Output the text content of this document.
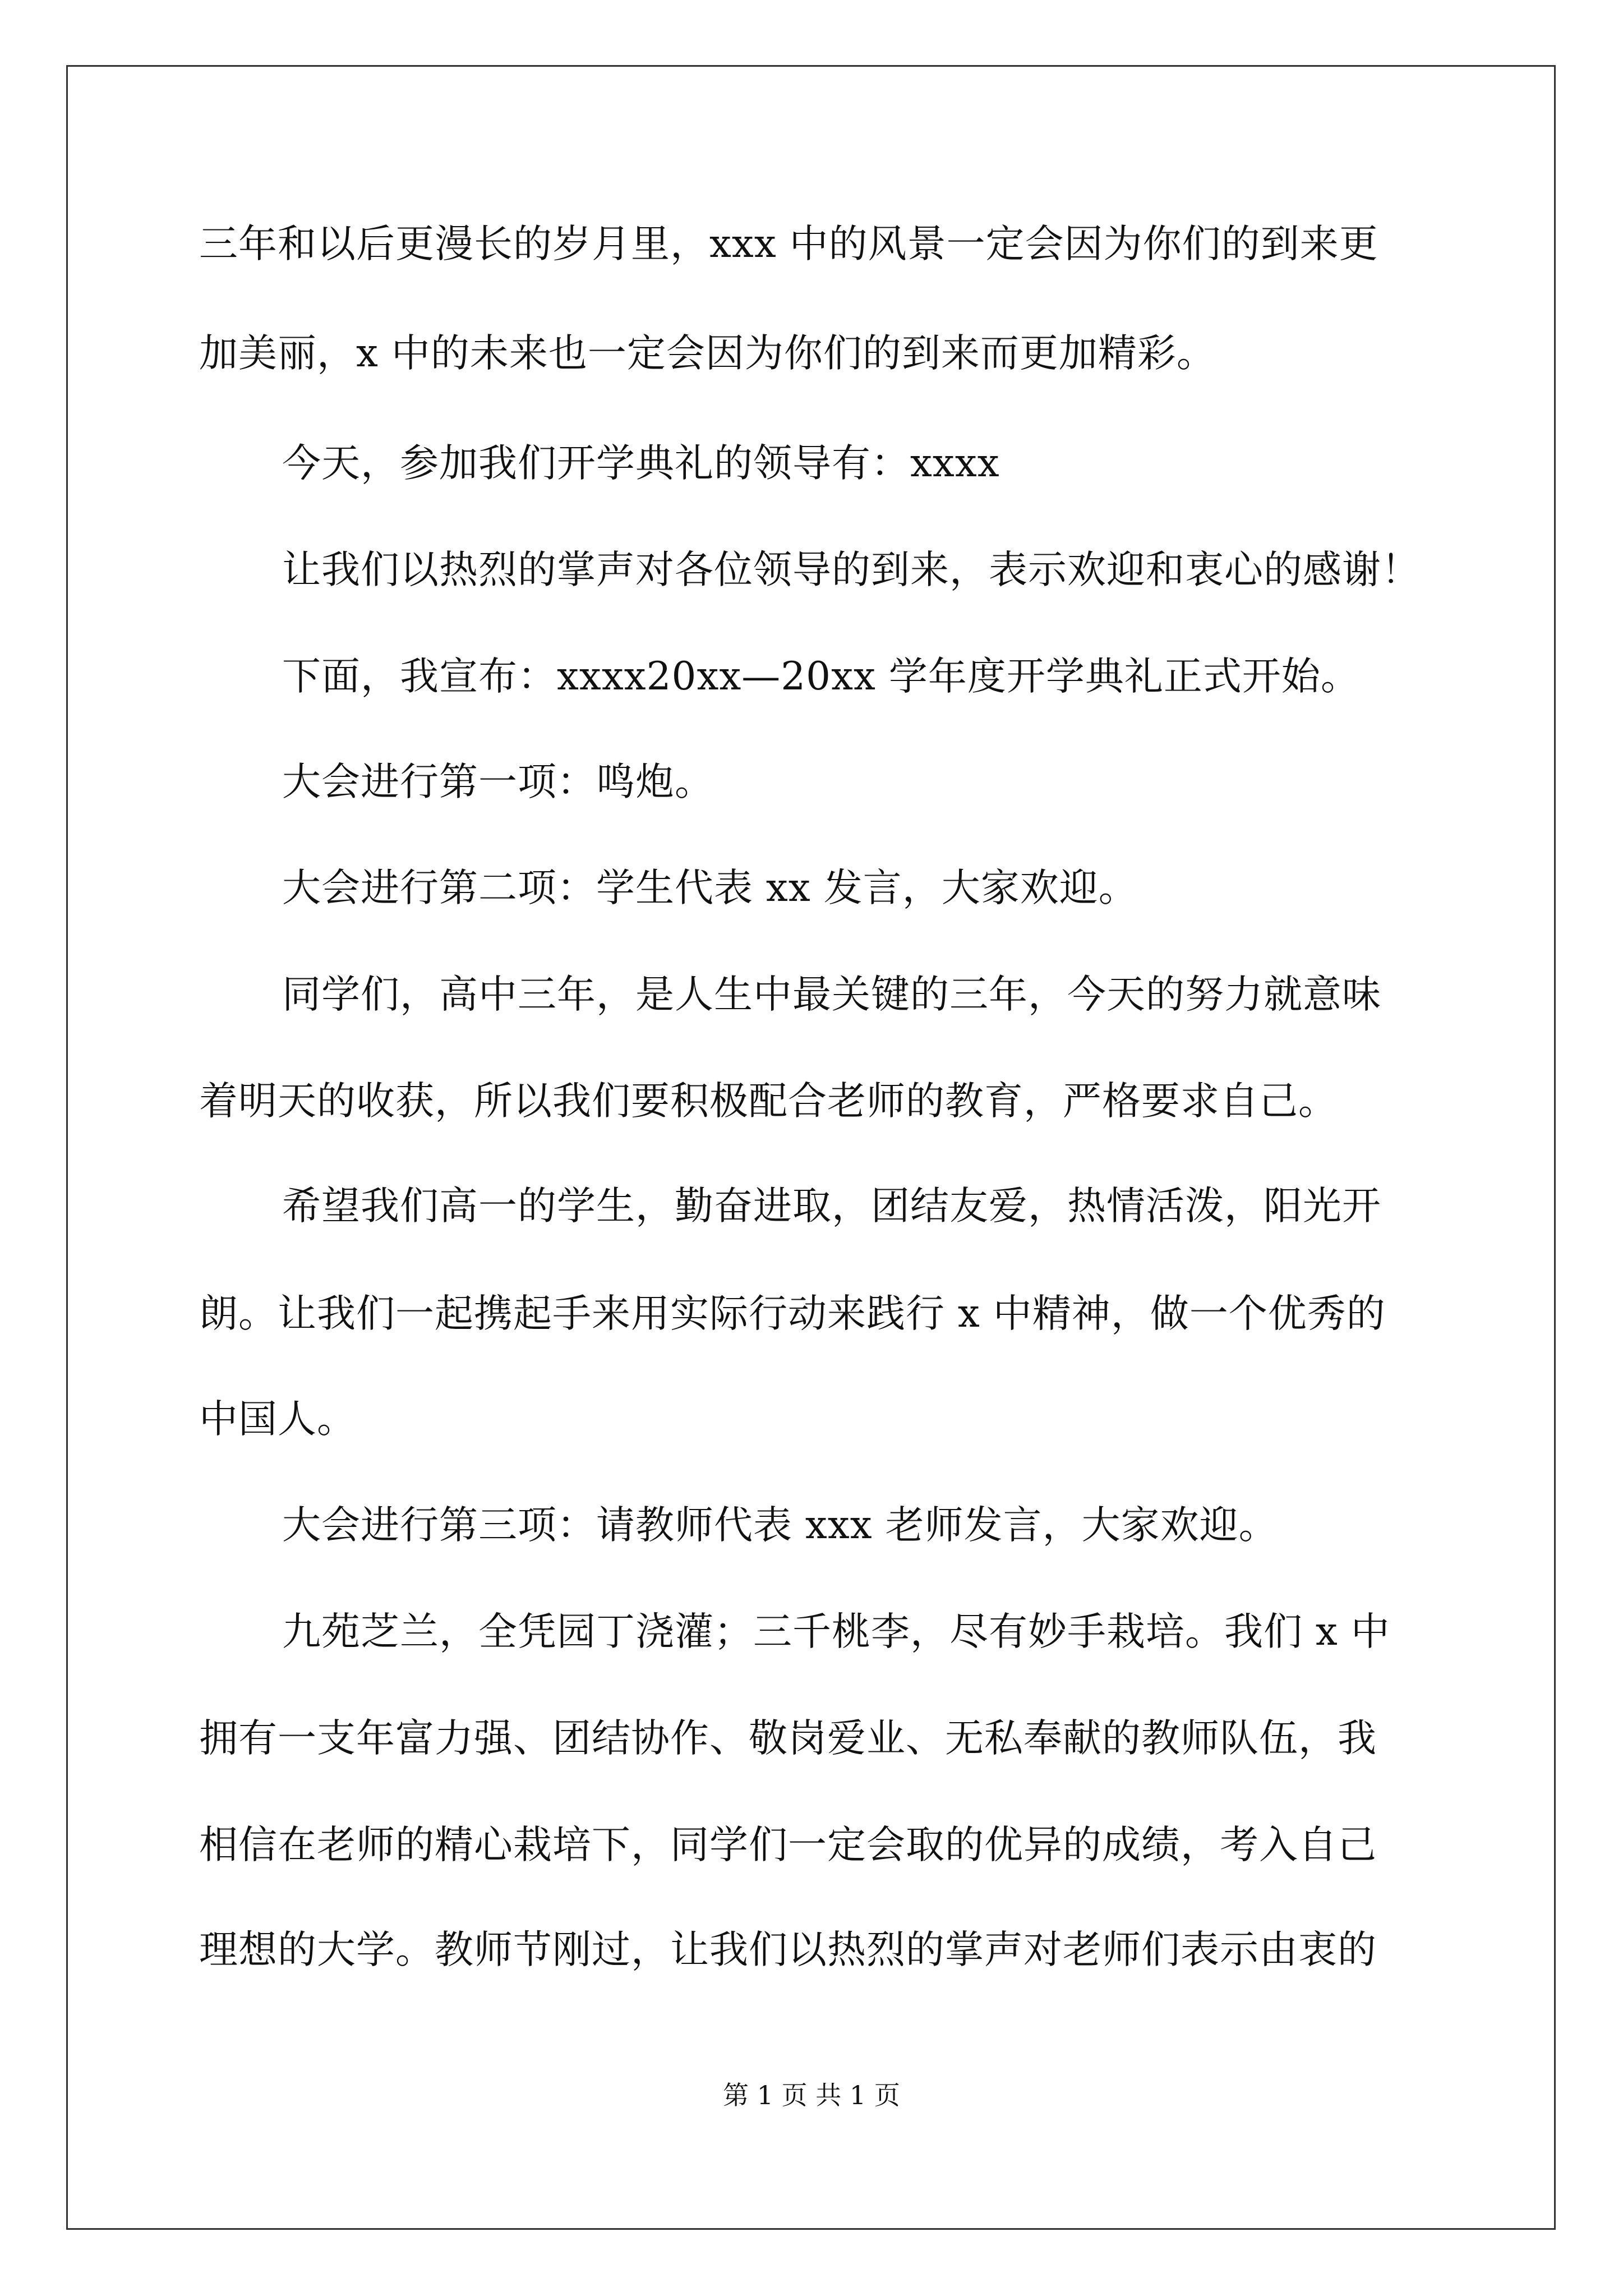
三年和以后更漫长的岁月里，xxx 中的风景一定会因为你们的到来更
加美丽，x 中的未来也一定会因为你们的到来而更加精彩。
今天，参加我们开学典礼的领导有：xxxx
让我们以热烈的掌声对各位领导的到来，表示欢迎和衷心的感谢！
下面，我宣布：xxxx20xx—20xx 学年度开学典礼正式开始。
大会进行第一项：鸣炮。
大会进行第二项：学生代表 xx 发言，大家欢迎。
同学们，高中三年，是人生中最关键的三年，今天的努力就意味
着明天的收获，所以我们要积极配合老师的教育，严格要求自己。
希望我们高一的学生，勤奋进取，团结友爱，热情活泼，阳光开
朗。让我们一起携起手来用实际行动来践行 x 中精神，做一个优秀的
中国人。
大会进行第三项：请教师代表 xxx 老师发言，大家欢迎。
九苑芝兰，全凭园丁浇灌；三千桃李，尽有妙手栽培。我们 x 中
拥有一支年富力强、团结协作、敬岗爱业、无私奉献的教师队伍，我
相信在老师的精心栽培下，同学们一定会取的优异的成绩，考入自己
理想的大学。教师节刚过，让我们以热烈的掌声对老师们表示由衷的
第 1 页 共 1 页
